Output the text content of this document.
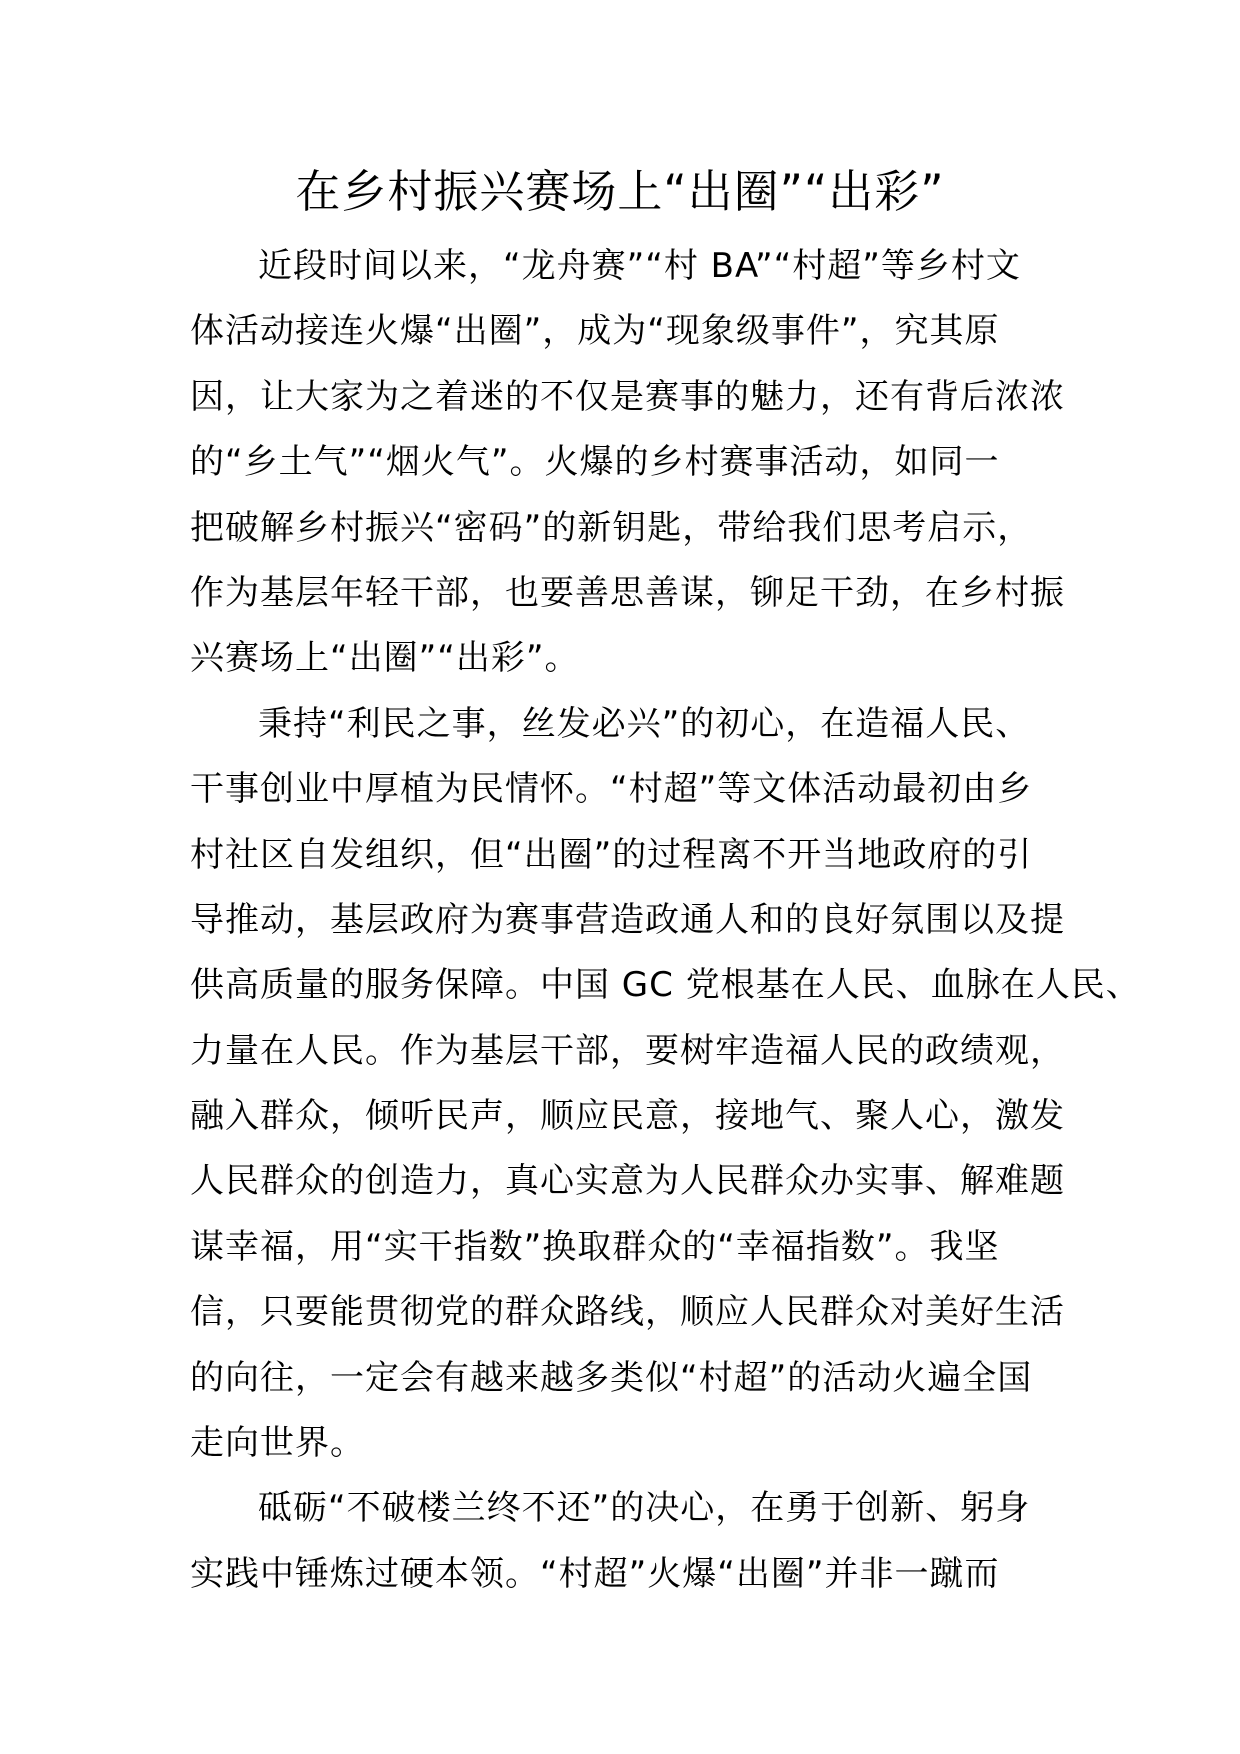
在乡村振兴赛场上“出圈”“出彩”
近段时间以来，“龙舟赛”“村 BA”“村超”等乡村文
体活动接连火爆“出圈”，成为“现象级事件”，究其原
因，让大家为之着迷的不仅是赛事的魅力，还有背后浓浓
的“乡土气”“烟火气”。火爆的乡村赛事活动，如同一
把破解乡村振兴“密码”的新钥匙，带给我们思考启示，
作为基层年轻干部，也要善思善谋，铆足干劲，在乡村振
兴赛场上“出圈”“出彩”。
秉持“利民之事，丝发必兴”的初心，在造福人民、
干事创业中厚植为民情怀。“村超”等文体活动最初由乡
村社区自发组织，但“出圈”的过程离不开当地政府的引
导推动，基层政府为赛事营造政通人和的良好氛围以及提
供高质量的服务保障。中国 GC 党根基在人民、血脉在人民、
力量在人民。作为基层干部，要树牢造福人民的政绩观，
融入群众，倾听民声，顺应民意，接地气、聚人心，激发
人民群众的创造力，真心实意为人民群众办实事、解难题
谋幸福，用“实干指数”换取群众的“幸福指数”。我坚
信，只要能贯彻党的群众路线，顺应人民群众对美好生活
的向往，一定会有越来越多类似“村超”的活动火遍全国
走向世界。
砥砺“不破楼兰终不还”的决心，在勇于创新、躬身
实践中锤炼过硬本领。“村超”火爆“出圈”并非一蹴而
